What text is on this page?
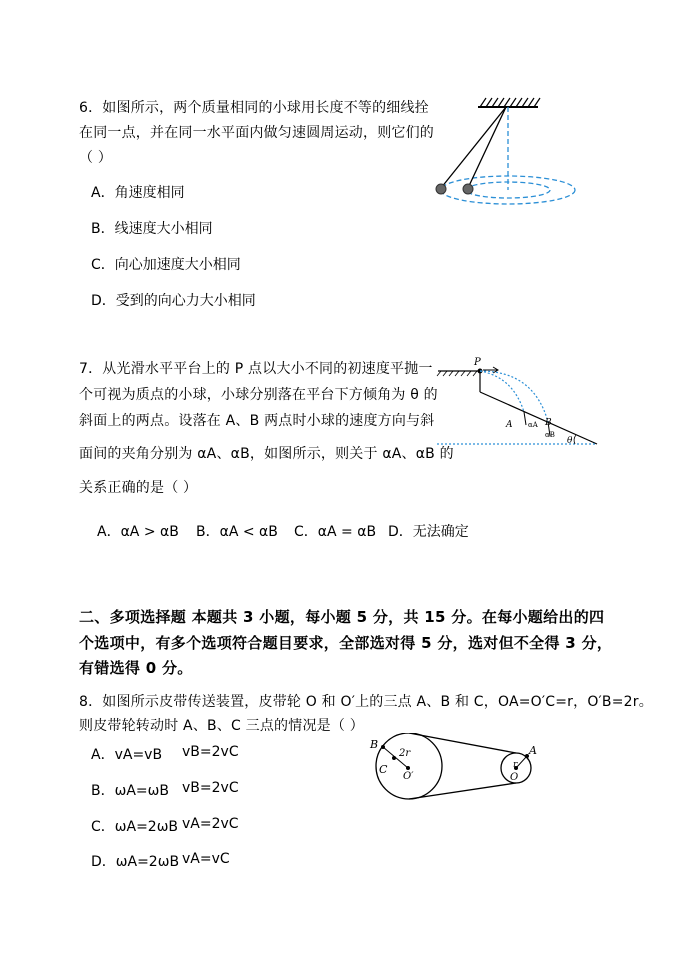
6．如图所示，两个质量相同的小球用长度不等的细线拴
在同一点，并在同一水平面内做匀速圆周运动，则它们的
（ ）
A．角速度相同
B．线速度大小相同
C．向心加速度大小相同
D．受到的向心力大小相同
7．从光滑水平平台上的 P 点以大小不同的初速度平抛一
个可视为质点的小球，小球分别落在平台下方倾角为 θ 的
斜面上的两点。设落在 A、B 两点时小球的速度方向与斜
面间的夹角分别为 αA、αB，如图所示，则关于 αA、αB 的
关系正确的是（ ）
A．αA > αB B．αA < αB C．αA = αB D．无法确定
P
A	B
αA
αB
θ
二、多项选择题 本题共 3 小题，每小题 5 分，共 15 分。在每小题给出的四
个选项中，有多个选项符合题目要求，全部选对得 5 分，选对但不全得 3 分，
有错选得 0 分。
8．如图所示皮带传送装置，皮带轮 O 和 O′上的三点 A、B 和 C，OA=O′C=r，O′B=2r。
则皮带轮转动时 A、B、C 三点的情况是（ ）
A．vA=vB vB=2vC
B．ωA=ωB vB=2vC
C．ωA=2ωB vA=2vC
D．ωA=2ωB vA=vC
B
2r
C
O′
r
A
O
